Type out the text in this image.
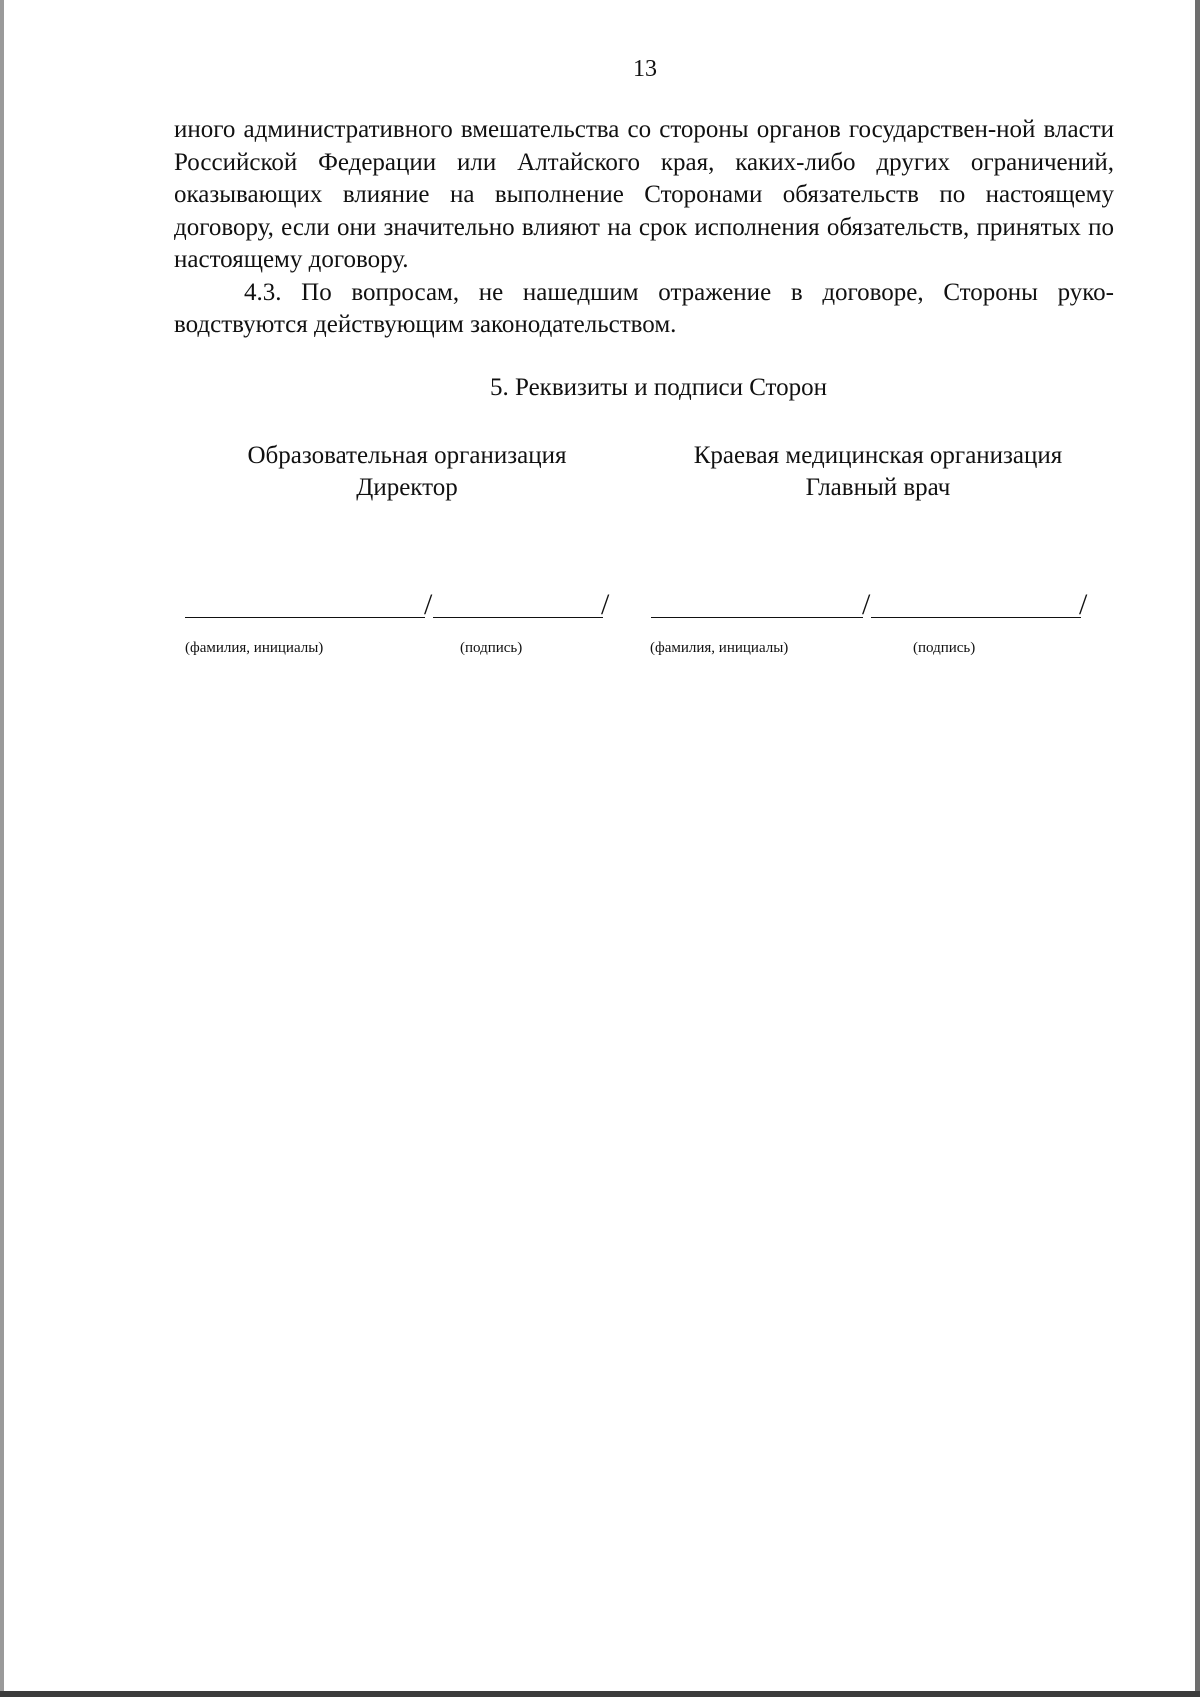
13

иного административного вмешательства со стороны органов государствен-ной власти Российской Федерации или Алтайского края, каких-либо других ограничений, оказывающих влияние на выполнение Сторонами обязательств по настоящему договору, если они значительно влияют на срок исполнения обязательств, принятых по настоящему договору.

4.3. По вопросам, не нашедшим отражение в договоре, Стороны руко-водствуются действующим законодательством.

5. Реквизиты и подписи Сторон
Образовательная организация
Директор
Краевая медицинская организация
Главный врач
/	/	/	/
(фамилия, инициалы)	(подпись)	(фамилия, инициалы)	(подпись)
